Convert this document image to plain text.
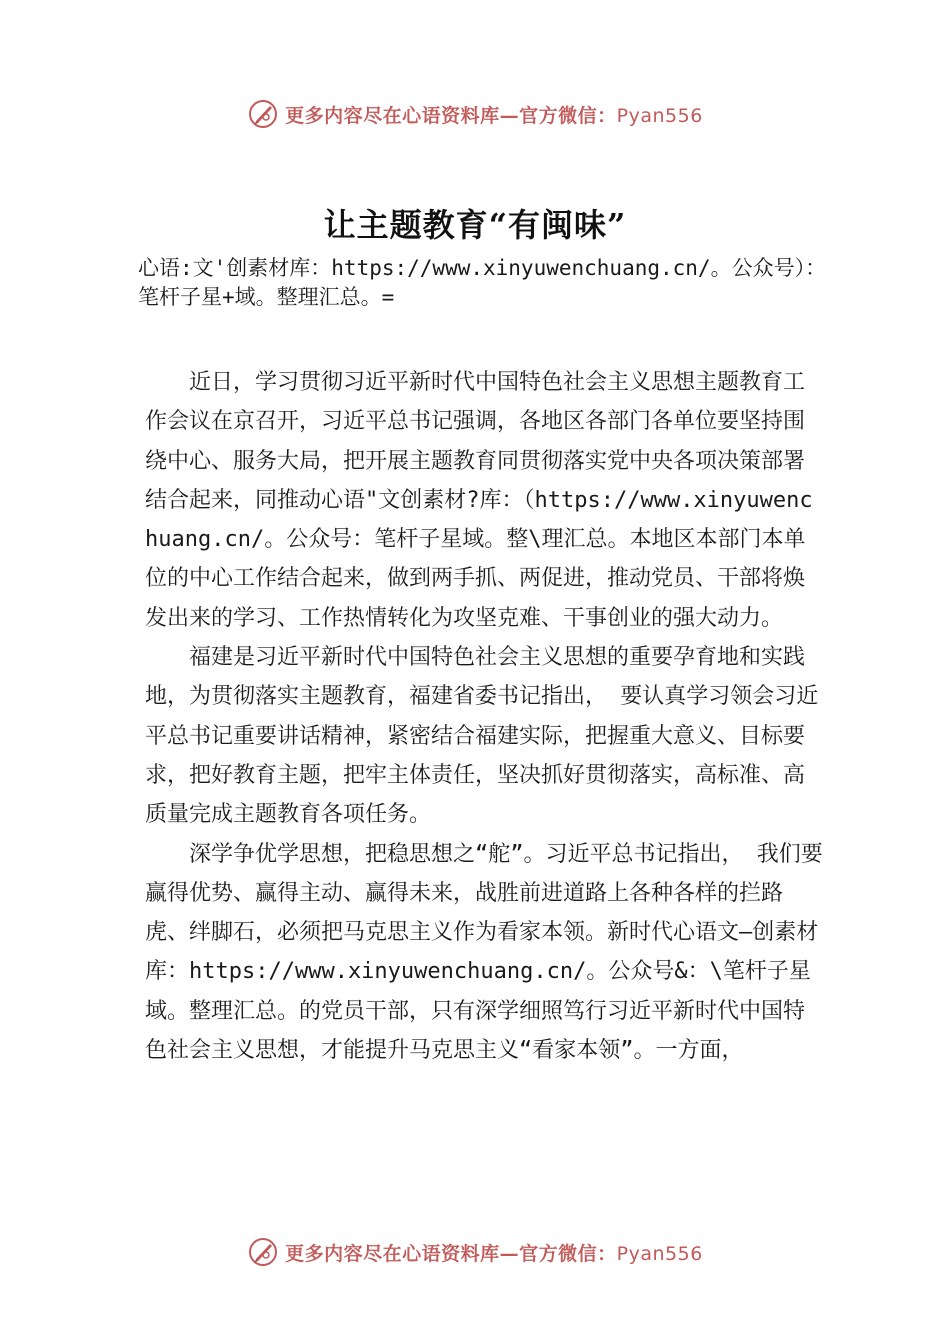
更多内容尽在心语资料库—官方微信：Pyan556
让主题教育“有闽味”
心语:文'创素材库：https://www.xinyuwenchuang.cn/。公众号）：笔杆子星+域。整理汇总。=

近日，学习贯彻习近平新时代中国特色社会主义思想主题教育工作会议在京召开，习近平总书记强调，各地区各部门各单位要坚持围绕中心、服务大局，把开展主题教育同贯彻落实党中央各项决策部署结合起来，同推动心语"文创素材?库：（https://www.xinyuwenchuang.cn/。公众号：笔杆子星域。整\理汇总。本地区本部门本单位的中心工作结合起来，做到两手抓、两促进，推动党员、干部将焕发出来的学习、工作热情转化为攻坚克难、干事创业的强大动力。

福建是习近平新时代中国特色社会主义思想的重要孕育地和实践地，为贯彻落实主题教育，福建省委书记指出， 要认真学习领会习近平总书记重要讲话精神，紧密结合福建实际，把握重大意义、目标要求，把好教育主题，把牢主体责任，坚决抓好贯彻落实，高标准、高质量完成主题教育各项任务。

深学争优学思想，把稳思想之“舵”。习近平总书记指出， 我们要赢得优势、赢得主动、赢得未来，战胜前进道路上各种各样的拦路虎、绊脚石，必须把马克思主义作为看家本领。新时代心语文—创素材库：https://www.xinyuwenchuang.cn/。公众号&：\笔杆子星域。整理汇总。的党员干部，只有深学细照笃行习近平新时代中国特色社会主义思想，才能提升马克思主义“看家本领”。一方面，

更多内容尽在心语资料库—官方微信：Pyan556
